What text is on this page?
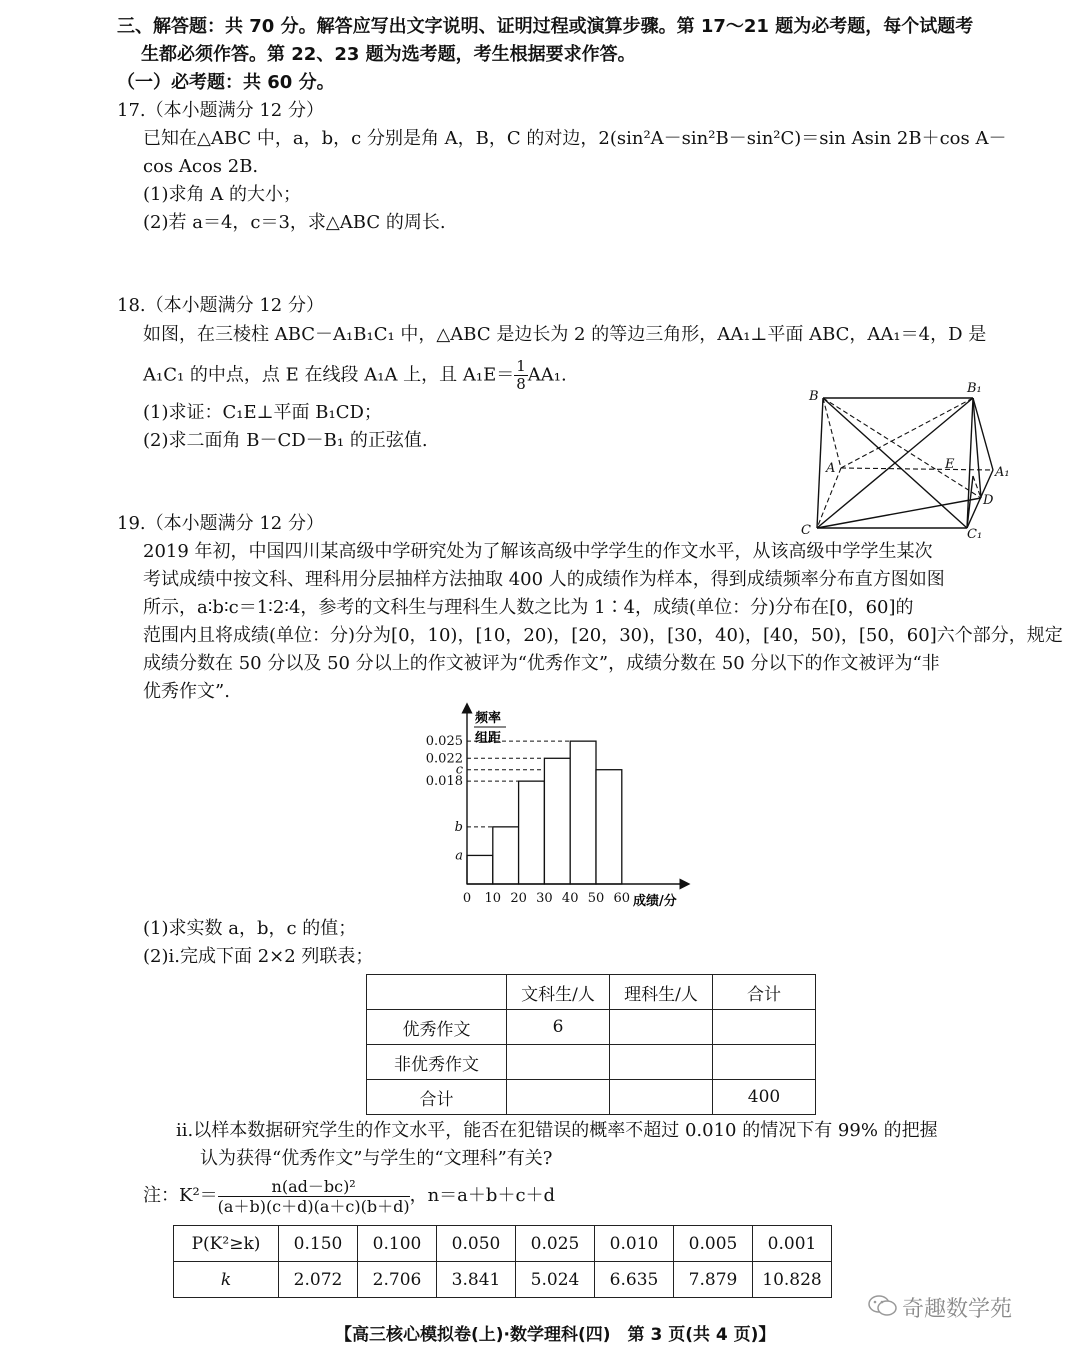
三、解答题：共 70 分。解答应写出文字说明、证明过程或演算步骤。第 17～21 题为必考题，每个试题考
生都必须作答。第 22、23 题为选考题，考生根据要求作答。
（一）必考题：共 60 分。
17.（本小题满分 12 分）
已知在△ABC 中，a，b，c 分别是角 A，B，C 的对边，2(sin²A－sin²B－sin²C)＝sin Asin 2B＋cos A－
cos Acos 2B.
(1)求角 A 的大小；
(2)若 a＝4，c＝3，求△ABC 的周长.
18.（本小题满分 12 分）
如图，在三棱柱 ABC－A₁B₁C₁ 中，△ABC 是边长为 2 的等边三角形，AA₁⊥平面 ABC，AA₁＝4，D 是
A₁C₁ 的中点，点 E 在线段 A₁A 上，且 $A_1E= \frac{1}{8} AA_1$.
(1)求证：C₁E⊥平面 B₁CD；
(2)求二面角 B－CD－B₁ 的正弦值.
B
B₁
A	E
A₁
D
C	C₁
19.（本小题满分 12 分）
2019 年初，中国四川某高级中学研究处为了解该高级中学学生的作文水平，从该高级中学学生某次
考试成绩中按文科、理科用分层抽样方法抽取 400 人的成绩作为样本，得到成绩频率分布直方图如图
所示，a∶b∶c＝1∶2∶4，参考的文科生与理科生人数之比为 1∶4，成绩(单位：分)分布在[0，60]的
范围内且将成绩(单位：分)分为[0，10)，[10，20)，[20，30)，[30，40)，[40，50)，[50，60]六个部分，规定
成绩分数在 50 分以及 50 分以上的作文被评为“优秀作文”，成绩分数在 50 分以下的作文被评为“非
优秀作文”.
0.025
0.022
c
0.018
b
a
0 10 20 30 40 50 60
频率
组距
成绩/分
(1)求实数 a，b，c 的值；
(2)ⅰ.完成下面 2×2 列联表；
	文科生/人	理科生/人	合计
优秀作文	6		
非优秀作文			
合计			400
ⅱ.以样本数据研究学生的作文水平，能否在犯错误的概率不超过 0.010 的情况下有 99% 的把握
认为获得“优秀作文”与学生的“文理科”有关?
注：$K^2= \frac{\text{n(ad－bc)²}}{(a+b)(c+d)(a+c)(b+d)}$ ，n＝a＋b＋c＋d
P(K²≥k)	0.150	0.100	0.050	0.025	0.010	0.005	0.001
k	2.072	2.706	3.841	5.024	6.635	7.879	10.828
奇趣数学苑
【高三核心模拟卷(上)·数学理科(四)　第 3 页(共 4 页)】
